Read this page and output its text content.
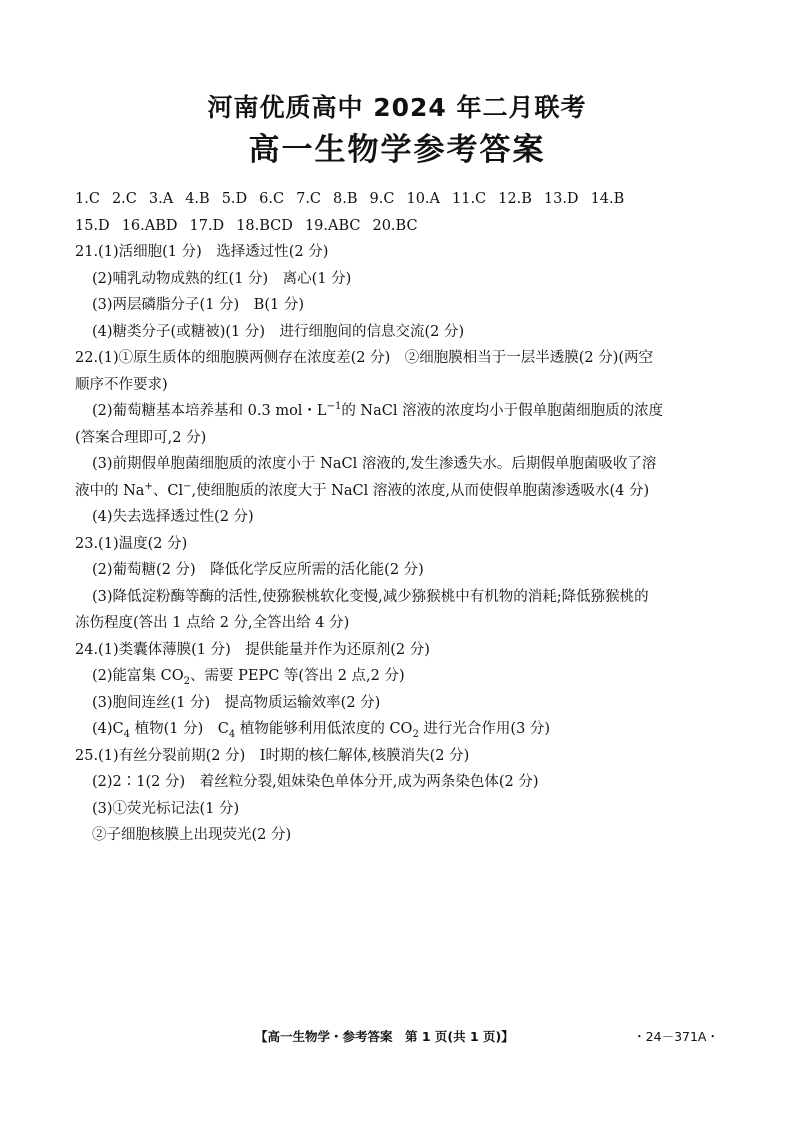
河南优质高中 2024 年二月联考
高一生物学参考答案
1.C 2.C 3.A 4.B 5.D 6.C 7.C 8.B 9.C 10.A 11.C 12.B 13.D 14.B
15.D 16.ABD 17.D 18.BCD 19.ABC 20.BC
21.(1)活细胞(1 分)　选择透过性(2 分)
(2)哺乳动物成熟的红(1 分)　离心(1 分)
(3)两层磷脂分子(1 分)　B(1 分)
(4)糖类分子(或糖被)(1 分)　进行细胞间的信息交流(2 分)
22.(1)①原生质体的细胞膜两侧存在浓度差(2 分)　②细胞膜相当于一层半透膜(2 分)(两空
顺序不作要求)
(2)葡萄糖基本培养基和 0.3 mol・$L^{-1}$的 NaCl 溶液的浓度均小于假单胞菌细胞质的浓度
(答案合理即可,2 分)
(3)前期假单胞菌细胞质的浓度小于 NaCl 溶液的,发生渗透失水。后期假单胞菌吸收了溶
液中的 Na+、Cl−,使细胞质的浓度大于 NaCl 溶液的浓度,从而使假单胞菌渗透吸水(4 分)
(4)失去选择透过性(2 分)
23.(1)温度(2 分)
(2)葡萄糖(2 分)　降低化学反应所需的活化能(2 分)
(3)降低淀粉酶等酶的活性,使猕猴桃软化变慢,减少猕猴桃中有机物的消耗;降低猕猴桃的
冻伤程度(答出 1 点给 2 分,全答出给 4 分)
24.(1)类囊体薄膜(1 分)　提供能量并作为还原剂(2 分)
(2)能富集 $CO_2$、需要 PEPC 等(答出 2 点,2 分)
(3)胞间连丝(1 分)　提高物质运输效率(2 分)
$(4)C_4$ 植物(1 分)　$C_4$ 植物能够利用低浓度的 $CO_2$ 进行光合作用(3 分)
25.(1)有丝分裂前期(2 分)　Ⅰ时期的核仁解体,核膜消失(2 分)
(2)2∶1(2 分)　着丝粒分裂,姐妹染色单体分开,成为两条染色体(2 分)
(3)①荧光标记法(1 分)
②子细胞核膜上出现荧光(2 分)
【高一生物学・参考答案　第 1 页(共 1 页)】	・24－371A・
